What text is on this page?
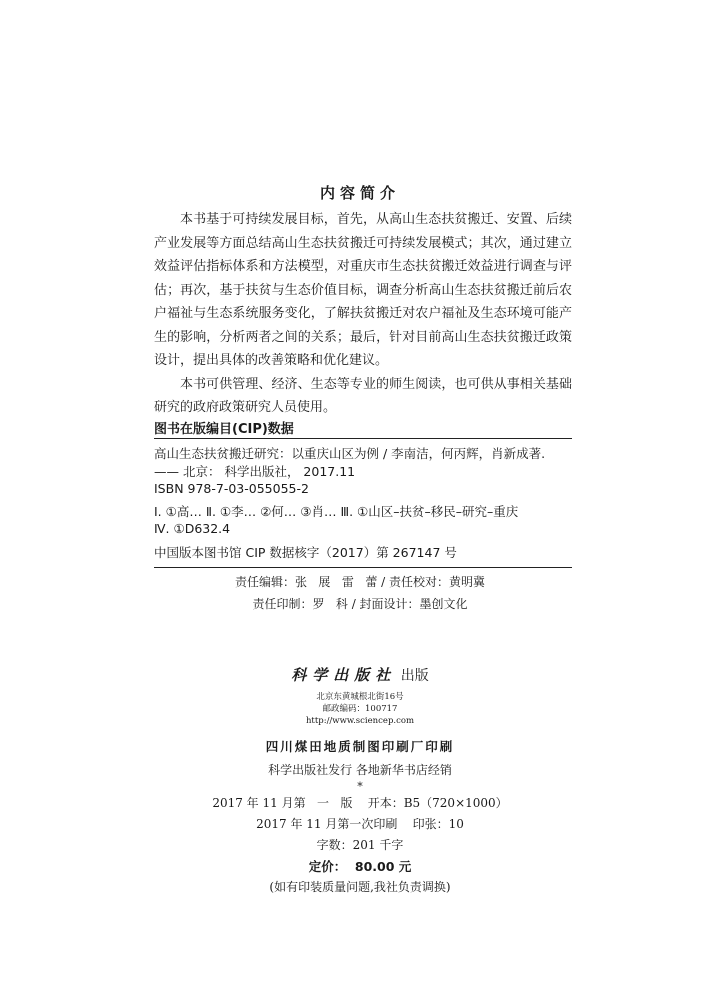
内容简介

本书基于可持续发展目标，首先，从高山生态扶贫搬迁、安置、后续产业发展等方面总结高山生态扶贫搬迁可持续发展模式；其次，通过建立效益评估指标体系和方法模型，对重庆市生态扶贫搬迁效益进行调查与评估；再次，基于扶贫与生态价值目标，调查分析高山生态扶贫搬迁前后农户福祉与生态系统服务变化，了解扶贫搬迁对农户福祉及生态环境可能产生的影响，分析两者之间的关系；最后，针对目前高山生态扶贫搬迁政策设计，提出具体的改善策略和优化建议。

本书可供管理、经济、生态等专业的师生阅读，也可供从事相关基础研究的政府政策研究人员使用。

图书在版编目(CIP)数据
高山生态扶贫搬迁研究：以重庆山区为例 / 李南洁，何丙辉，肖新成著.
—— 北京： 科学出版社， 2017.11
ISBN 978-7-03-055055-2
Ⅰ. ①高… Ⅱ. ①李… ②何… ③肖… Ⅲ. ①山区–扶贫–移民–研究–重庆
Ⅳ. ①D632.4
中国版本图书馆 CIP 数据核字（2017）第 267147 号
责任编辑：张   展   雷   蕾 / 责任校对：黄明冀
责任印制：罗   科 / 封面设计：墨创文化
科学出版社 出版
北京东黄城根北街16号
邮政编码：100717
http://www.sciencep.com
四川煤田地质制图印刷厂印刷
科学出版社发行 各地新华书店经销
*
2017 年 11 月第   一   版    开本：B5（720×1000）
2017 年 11 月第一次印刷    印张：10
字数：201 千字
定价：  80.00 元
(如有印装质量问题,我社负责调换)
